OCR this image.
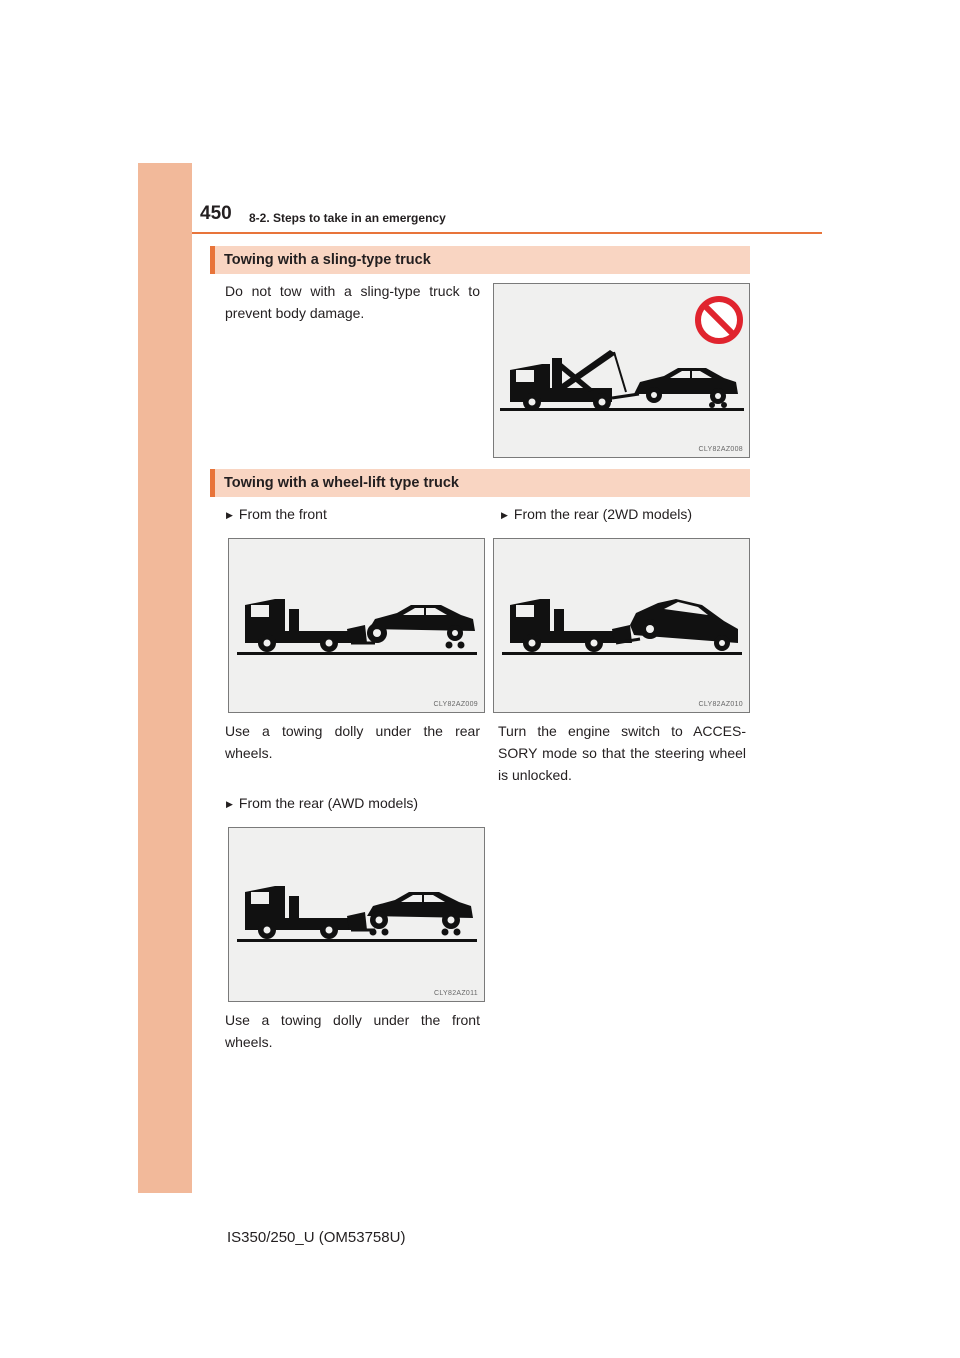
450 8-2. Steps to take in an emergency
Towing with a sling-type truck
Do not tow with a sling-type truck to prevent body damage.
CLY82AZ008
Towing with a wheel-lift type truck
▶ From the front	▶ From the rear (2WD models)
CLY82AZ009	CLY82AZ010
Use a towing dolly under the rear wheels.
Turn the engine switch to ACCES-SORY mode so that the steering wheel is unlocked.
▶ From the rear (AWD models)
CLY82AZ011
Use a towing dolly under the front wheels.
IS350/250_U (OM53758U)
